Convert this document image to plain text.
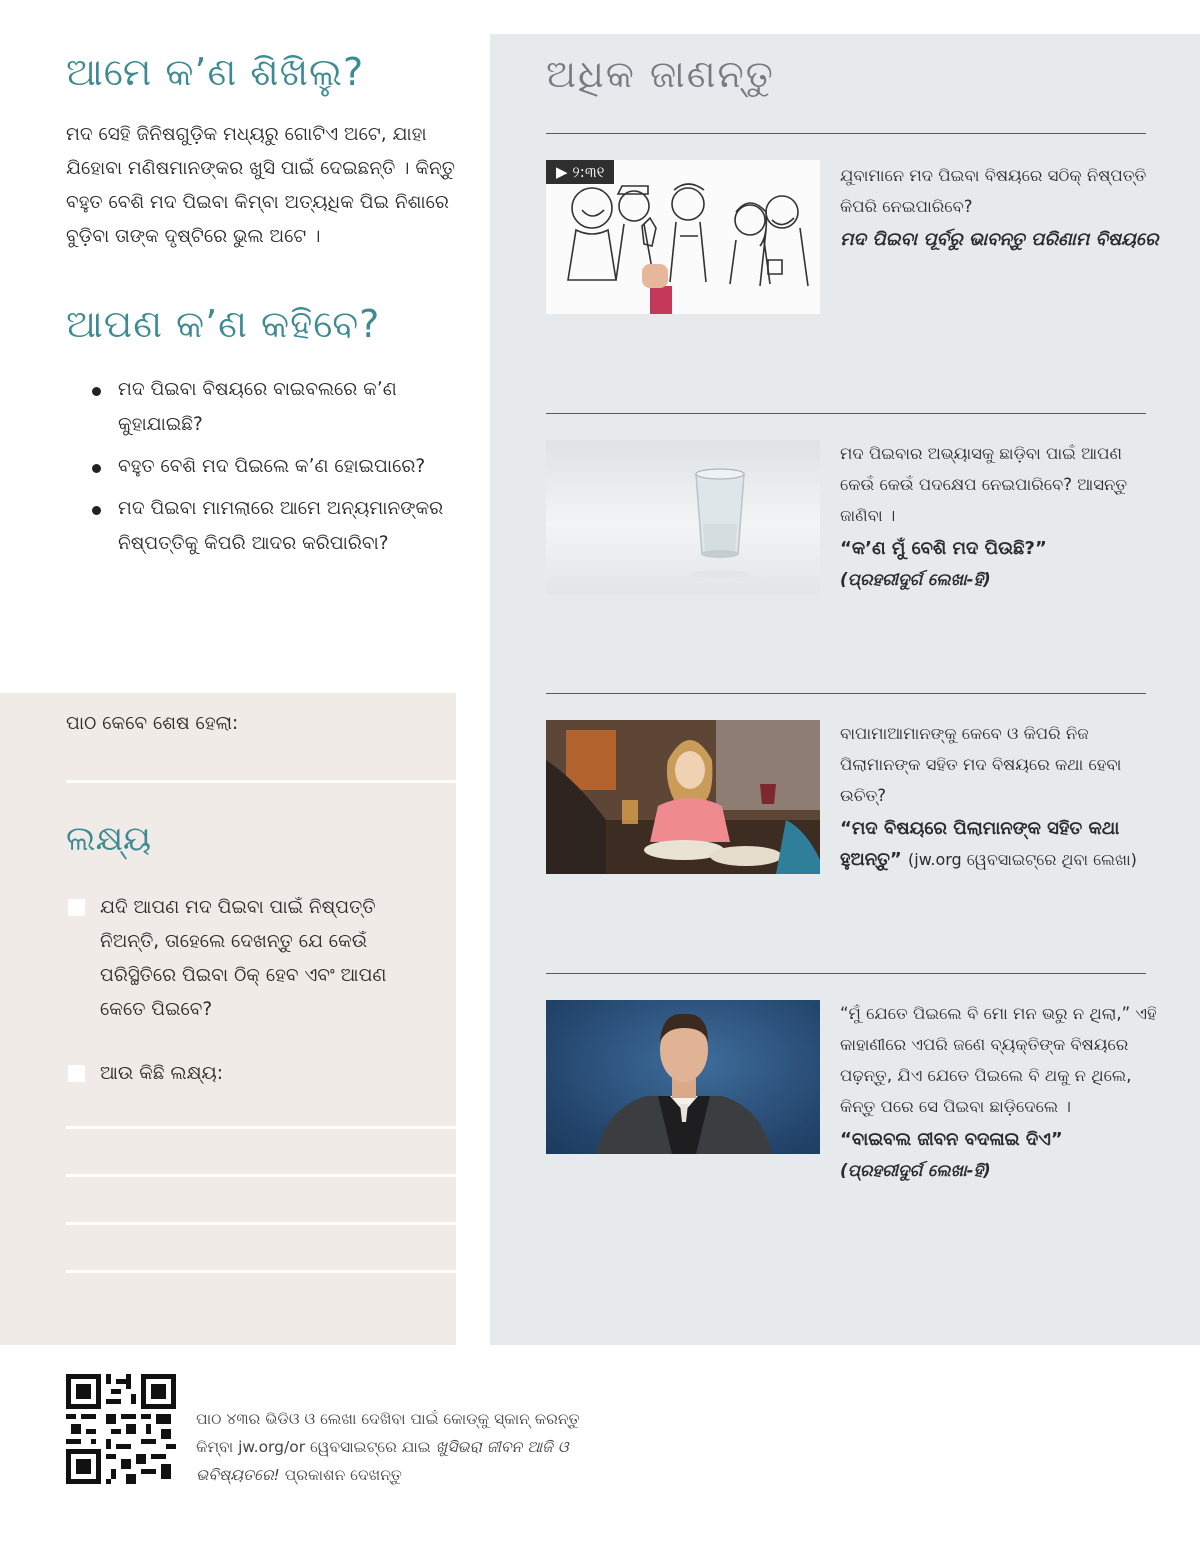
ଆମେ କʼଣ ଶିଖିଲୁ?

ମଦ ସେହି ଜିନିଷଗୁଡ଼ିକ ମଧ୍ୟରୁ ଗୋଟିଏ ଅଟେ, ଯାହା ଯିହୋବା ମଣିଷମାନଙ୍କର ଖୁସି ପାଇଁ ଦେଇଛନ୍ତି । କିନ୍ତୁ ବହୁତ ବେଶି ମଦ ପିଇବା କିମ୍ବା ଅତ୍ୟଧିକ ପିଇ ନିଶାରେ ବୁଡ଼ିବା ତାଙ୍କ ଦୃଷ୍ଟିରେ ଭୁଲ ଅଟେ ।

ଆପଣ କʼଣ କହିବେ?
ମଦ ପିଇବା ବିଷୟରେ ବାଇବଲରେ କʼଣ କୁହାଯାଇଛି?
ବହୁତ ବେଶି ମଦ ପିଇଲେ କʼଣ ହୋଇପାରେ?
ମଦ ପିଇବା ମାମଲାରେ ଆମେ ଅନ୍ୟମାନଙ୍କର ନିଷ୍ପତ୍ତିକୁ କିପରି ଆଦର କରିପାରିବା?
ପାଠ କେବେ ଶେଷ ହେଲା:
ଲକ୍ଷ୍ୟ
ଯଦି ଆପଣ ମଦ ପିଇବା ପାଇଁ ନିଷ୍ପତ୍ତି ନିଅନ୍ତି, ତାହେଲେ ଦେଖନ୍ତୁ ଯେ କେଉଁ ପରିସ୍ଥିତିରେ ପିଇବା ଠିକ୍ ହେବ ଏବଂ ଆପଣ କେତେ ପିଇବେ?
ଆଉ କିଛି ଲକ୍ଷ୍ୟ:
ଅଧିକ ଜାଣନ୍ତୁ
▶ ୨:୩୧	ଯୁବାମାନେ ମଦ ପିଇବା ବିଷୟରେ ସଠିକ୍ ନିଷ୍ପତ୍ତି କିପରି ନେଇପାରିବେ?
ମଦ ପିଇବା ପୂର୍ବରୁ ଭାବନ୍ତୁ ପରିଣାମ ବିଷୟରେ
ମଦ ପିଇବାର ଅଭ୍ୟାସକୁ ଛାଡ଼ିବା ପାଇଁ ଆପଣ କେଉଁ କେଉଁ ପଦକ୍ଷେପ ନେଇପାରିବେ? ଆସନ୍ତୁ ଜାଣିବା ।
“କʼଣ ମୁଁ ବେଶି ମଦ ପିଉଛି?”
(ପ୍ରହରୀଦୁର୍ଗ ଲେଖା-ହି)
ବାପାମାଆମାନଙ୍କୁ କେବେ ଓ କିପରି ନିଜ ପିଲାମାନଙ୍କ ସହିତ ମଦ ବିଷୟରେ କଥା ହେବା ଉଚିତ୍?
“ମଦ ବିଷୟରେ ପିଲାମାନଙ୍କ ସହିତ କଥା ହୁଅନ୍ତୁ” (jw.org ୱେବସାଇଟ୍‌ରେ ଥିବା ଲେଖା)
“ମୁଁ ଯେତେ ପିଇଲେ ବି ମୋ ମନ ଭରୁ ନ ଥିଲା,” ଏହି କାହାଣୀରେ ଏପରି ଜଣେ ବ୍ୟକ୍ତିଙ୍କ ବିଷୟରେ ପଢ଼ନ୍ତୁ, ଯିଏ ଯେତେ ପିଇଲେ ବି ଥକୁ ନ ଥିଲେ, କିନ୍ତୁ ପରେ ସେ ପିଇବା ଛାଡ଼ିଦେଲେ ।
“ବାଇବଲ ଜୀବନ ବଦଳାଇ ଦିଏ”
(ପ୍ରହରୀଦୁର୍ଗ ଲେଖା-ହି)
ପାଠ ୪୩ର ଭିଡିଓ ଓ ଲେଖା ଦେଖିବା ପାଇଁ କୋଡ୍‌କୁ ସ୍କାନ୍ କରନ୍ତୁ କିମ୍ବା jw.org/or ୱେବସାଇଟ୍‌ରେ ଯାଇ ଖୁସିଭରା ଜୀବନ ଆଜି ଓ ଭବିଷ୍ୟତରେ! ପ୍ରକାଶନ ଦେଖନ୍ତୁ
